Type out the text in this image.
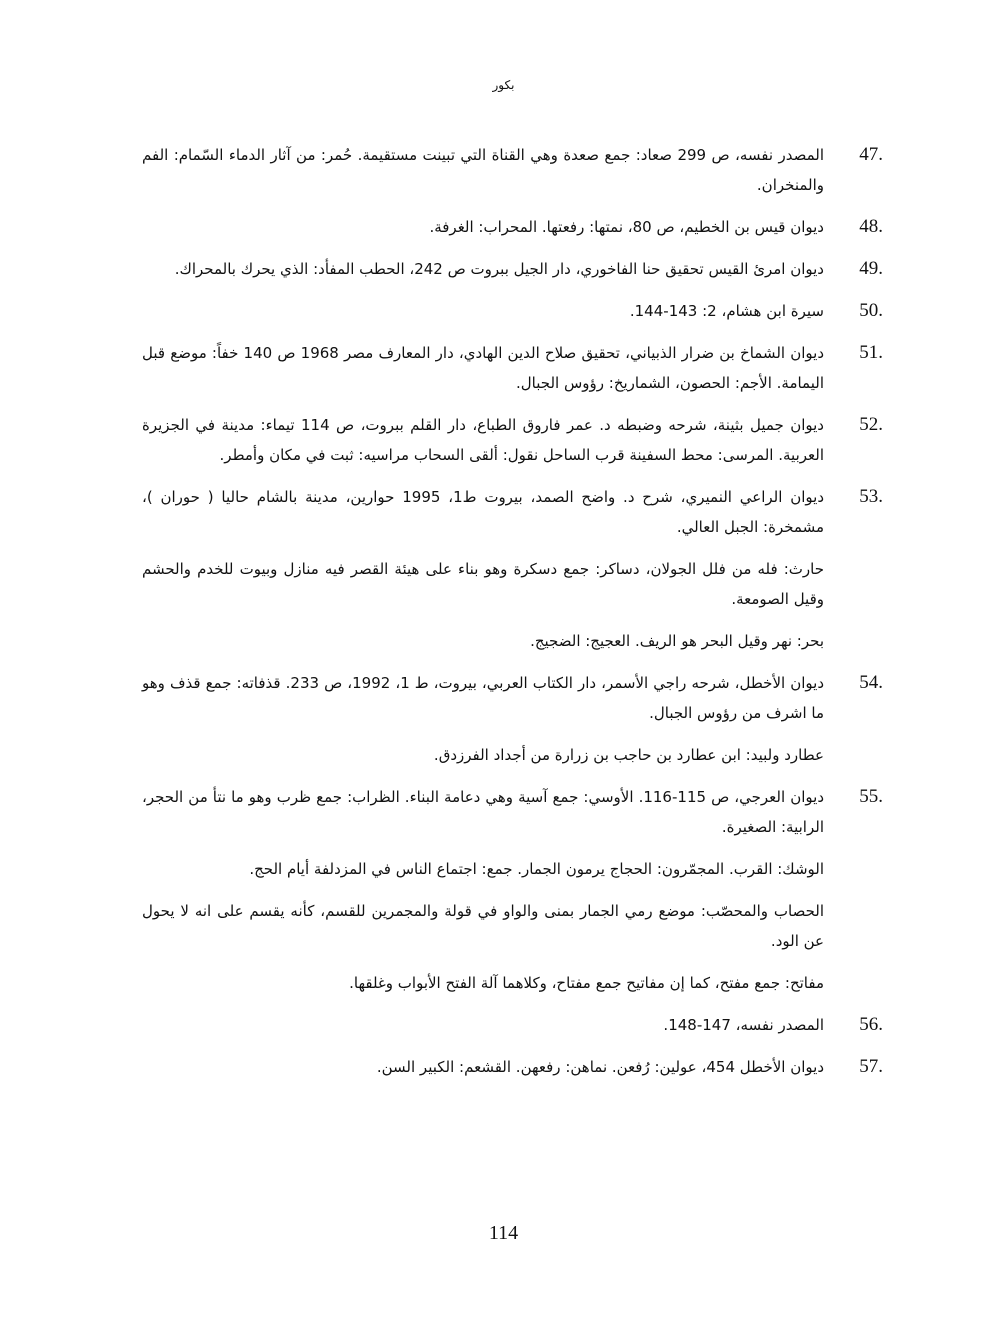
بكور
47.
المصدر نفسه، ص 299 صعاد: جمع صعدة وهي القناة التي تبينت مستقيمة. حُمر: من آثار الدماء السّمام: الفم والمنخران.
48.
ديوان قيس بن الخطيم، ص 80، نمتها: رفعتها. المحراب: الغرفة.
49.
ديوان امرئ القيس تحقيق حنا الفاخوري، دار الجيل ببروت ص 242، الحطب المفأد: الذي يحرك بالمحراك.
50.
سيرة ابن هشام، 2: 143-144.
51.
ديوان الشماخ بن ضرار الذبياني، تحقيق صلاح الدين الهادي، دار المعارف مصر 1968 ص 140 خفاً: موضع قبل اليمامة. الأجم: الحصون، الشماريخ: رؤوس الجبال.
52.
ديوان جميل بثينة، شرحه وضبطه د. عمر فاروق الطباع، دار القلم ببروت، ص 114 تيماء: مدينة في الجزيرة العربية. المرسى: محط السفينة قرب الساحل نقول: ألقى السحاب مراسيه: ثبت في مكان وأمطر.
53.
ديوان الراعي النميري، شرح د. واضح الصمد، بيروت ط1، 1995 حوارين، مدينة بالشام حاليا ( حوران )، مشمخرة: الجبل العالي.
حارث: فله من فلل الجولان، دساكر: جمع دسكرة وهو بناء على هيئة القصر فيه منازل وبيوت للخدم والحشم وقيل الصومعة.
بحر: نهر وقيل البحر هو الريف. العجيج: الضجيج.
54.
ديوان الأخطل، شرحه راجي الأسمر، دار الكتاب العربي، بيروت، ط 1، 1992، ص 233. قذفاته: جمع قذف وهو ما اشرف من رؤوس الجبال.
عطارد ولبيد: ابن عطارد بن حاجب بن زرارة من أجداد الفرزدق.
55.
ديوان العرجي، ص 115-116. الأوسي: جمع آسية وهي دعامة البناء. الظراب: جمع ظرب وهو ما نتأ من الحجر، الرابية: الصغيرة.
الوشك: القرب. المجمّرون: الحجاج يرمون الجمار. جمع: اجتماع الناس في المزدلفة أيام الحج.
الحصاب والمحصّب: موضع رمي الجمار بمنى والواو في قولة والمجمرين للقسم، كأنه يقسم على انه لا يحول عن الود.
مفاتح: جمع مفتح، كما إن مفاتيح جمع مفتاح، وكلاهما آلة الفتح الأبواب وغلقها.
56.
المصدر نفسه، 147-148.
57.
ديوان الأخطل 454، عولين: رُفعن. نماهن: رفعهن. القشعم: الكبير السن.
114
